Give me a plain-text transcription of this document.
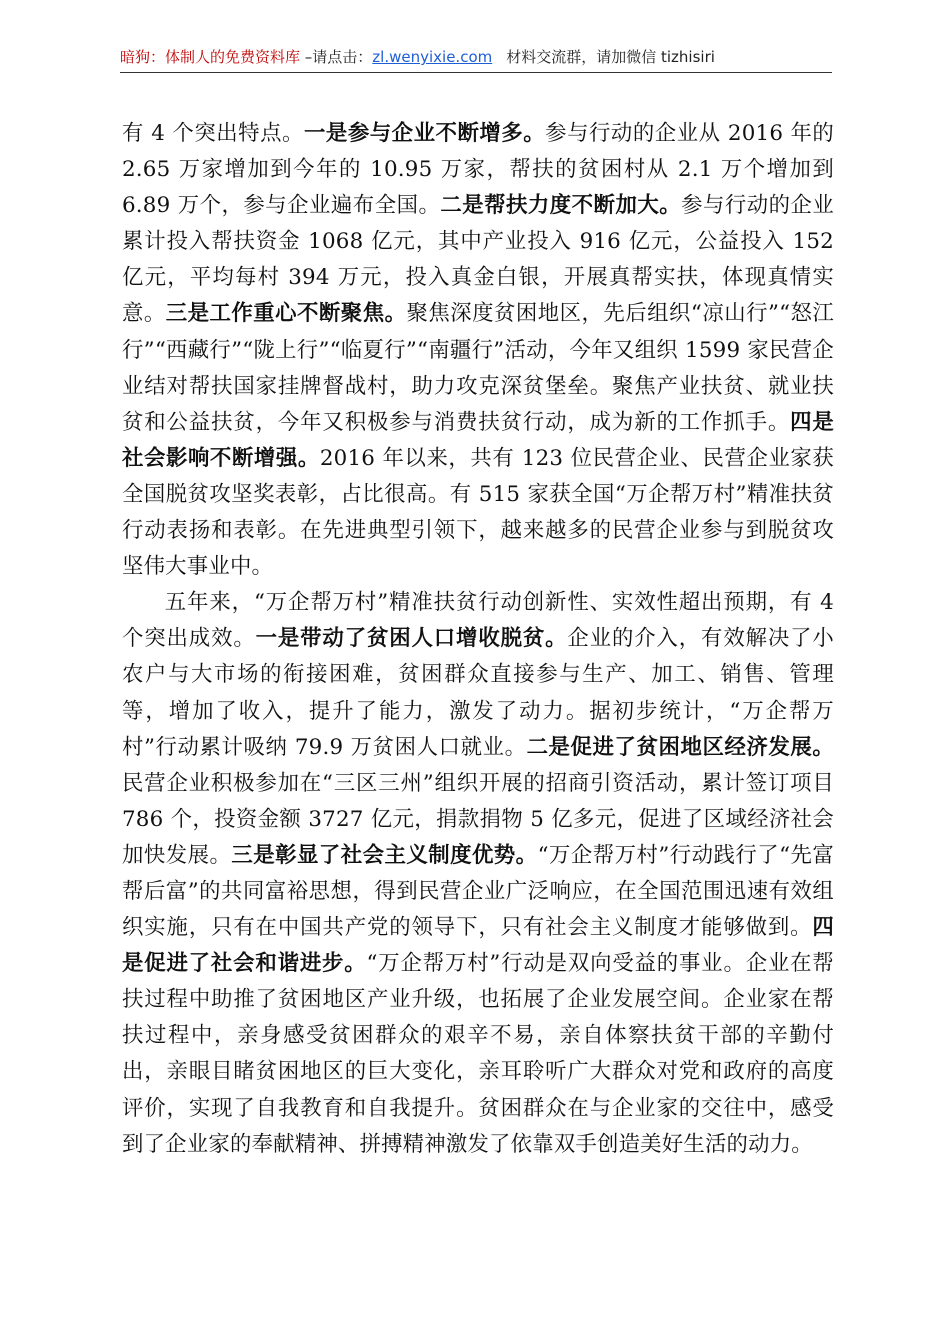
暗狗：体制人的免费资料库 –请点击：zl.wenyixie.com 材料交流群，请加微信 tizhisiri

有 4 个突出特点。一是参与企业不断增多。参与行动的企业从 2016 年的 2.65 万家增加到今年的 10.95 万家，帮扶的贫困村从 2.1 万个增加到 6.89 万个，参与企业遍布全国。二是帮扶力度不断加大。参与行动的企业累计投入帮扶资金 1068 亿元，其中产业投入 916 亿元，公益投入 152 亿元，平均每村 394 万元，投入真金白银，开展真帮实扶，体现真情实意。三是工作重心不断聚焦。聚焦深度贫困地区，先后组织“凉山行”“怒江行”“西藏行”“陇上行”“临夏行”“南疆行”活动，今年又组织 1599 家民营企业结对帮扶国家挂牌督战村，助力攻克深贫堡垒。聚焦产业扶贫、就业扶贫和公益扶贫，今年又积极参与消费扶贫行动，成为新的工作抓手。四是社会影响不断增强。2016 年以来，共有 123 位民营企业、民营企业家获全国脱贫攻坚奖表彰，占比很高。有 515 家获全国“万企帮万村”精准扶贫行动表扬和表彰。在先进典型引领下，越来越多的民营企业参与到脱贫攻坚伟大事业中。

五年来，“万企帮万村”精准扶贫行动创新性、实效性超出预期，有 4 个突出成效。一是带动了贫困人口增收脱贫。企业的介入，有效解决了小农户与大市场的衔接困难，贫困群众直接参与生产、加工、销售、管理等，增加了收入，提升了能力，激发了动力。据初步统计，“万企帮万村”行动累计吸纳 79.9 万贫困人口就业。二是促进了贫困地区经济发展。民营企业积极参加在“三区三州”组织开展的招商引资活动，累计签订项目 786 个，投资金额 3727 亿元，捐款捐物 5 亿多元，促进了区域经济社会加快发展。三是彰显了社会主义制度优势。“万企帮万村”行动践行了“先富帮后富”的共同富裕思想，得到民营企业广泛响应，在全国范围迅速有效组织实施，只有在中国共产党的领导下，只有社会主义制度才能够做到。四是促进了社会和谐进步。“万企帮万村”行动是双向受益的事业。企业在帮扶过程中助推了贫困地区产业升级，也拓展了企业发展空间。企业家在帮扶过程中，亲身感受贫困群众的艰辛不易，亲自体察扶贫干部的辛勤付出，亲眼目睹贫困地区的巨大变化，亲耳聆听广大群众对党和政府的高度评价，实现了自我教育和自我提升。贫困群众在与企业家的交往中，感受到了企业家的奉献精神、拼搏精神激发了依靠双手创造美好生活的动力。
